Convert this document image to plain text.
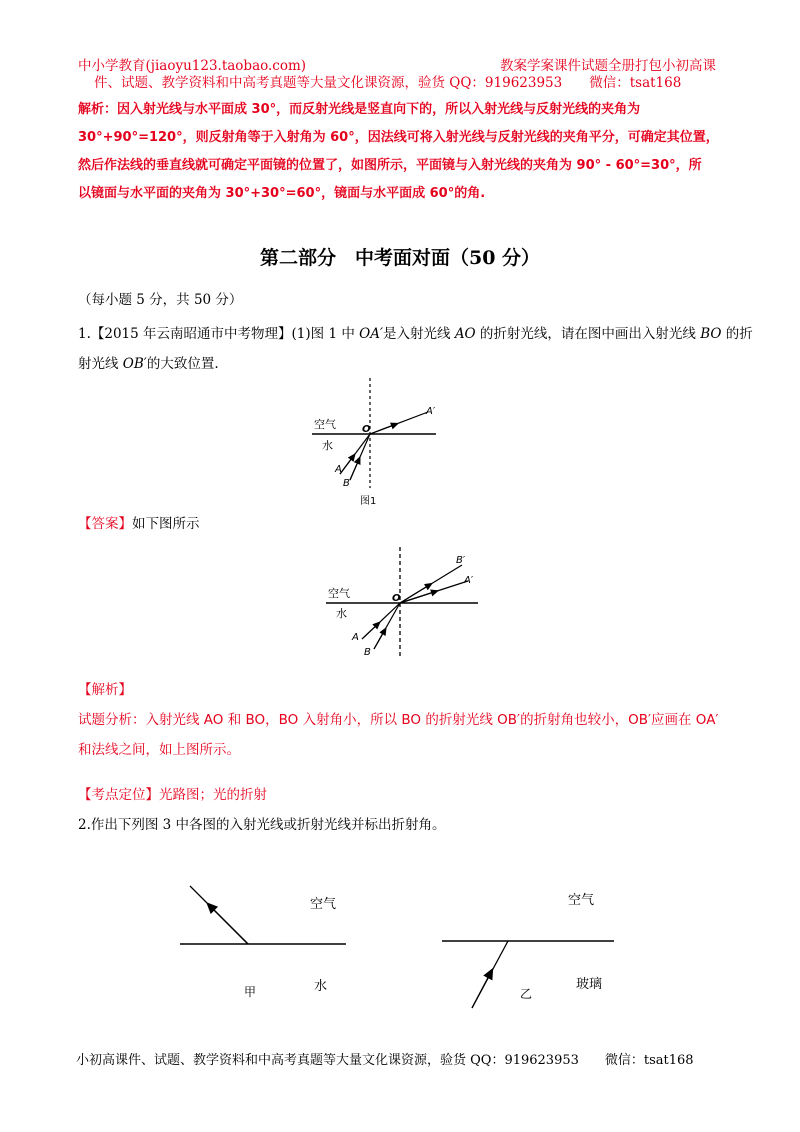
中小学教育(jiaoyu123.taobao.com)	教案学案课件试题全册打包小初高课
件、试题、教学资料和中高考真题等大量文化课资源，验货 QQ：919623953　　微信：tsat168
解析：因入射光线与水平面成 30°，而反射光线是竖直向下的，所以入射光线与反射光线的夹角为
30°+90°=120°，则反射角等于入射角为 60°，因法线可将入射光线与反射光线的夹角平分，可确定其位置，
然后作法线的垂直线就可确定平面镜的位置了，如图所示，平面镜与入射光线的夹角为 90° - 60°=30°，所
以镜面与水平面的夹角为 30°+30°=60°，镜面与水平面成 60°的角.
第二部分　中考面对面（50 分）
（每小题 5 分，共 50 分）
1.【2015 年云南昭通市中考物理】(1)图 1 中 OA′是入射光线 AO 的折射光线，请在图中画出入射光线 BO 的折
射光线 OB′的大致位置.
空气
水
O
A′
A
B
图1
【答案】如下图所示
空气
水
O
B′
A′
A
B
【解析】
试题分析：入射光线 AO 和 BO，BO 入射角小，所以 BO 的折射光线 OB′的折射角也较小，OB′应画在 OA′
和法线之间，如上图所示。
【考点定位】光路图；光的折射
2.作出下列图 3 中各图的入射光线或折射光线并标出折射角。
空气
水
甲
空气
玻璃
乙
小初高课件、试题、教学资料和中高考真题等大量文化课资源，验货 QQ：919623953　　微信：tsat168
